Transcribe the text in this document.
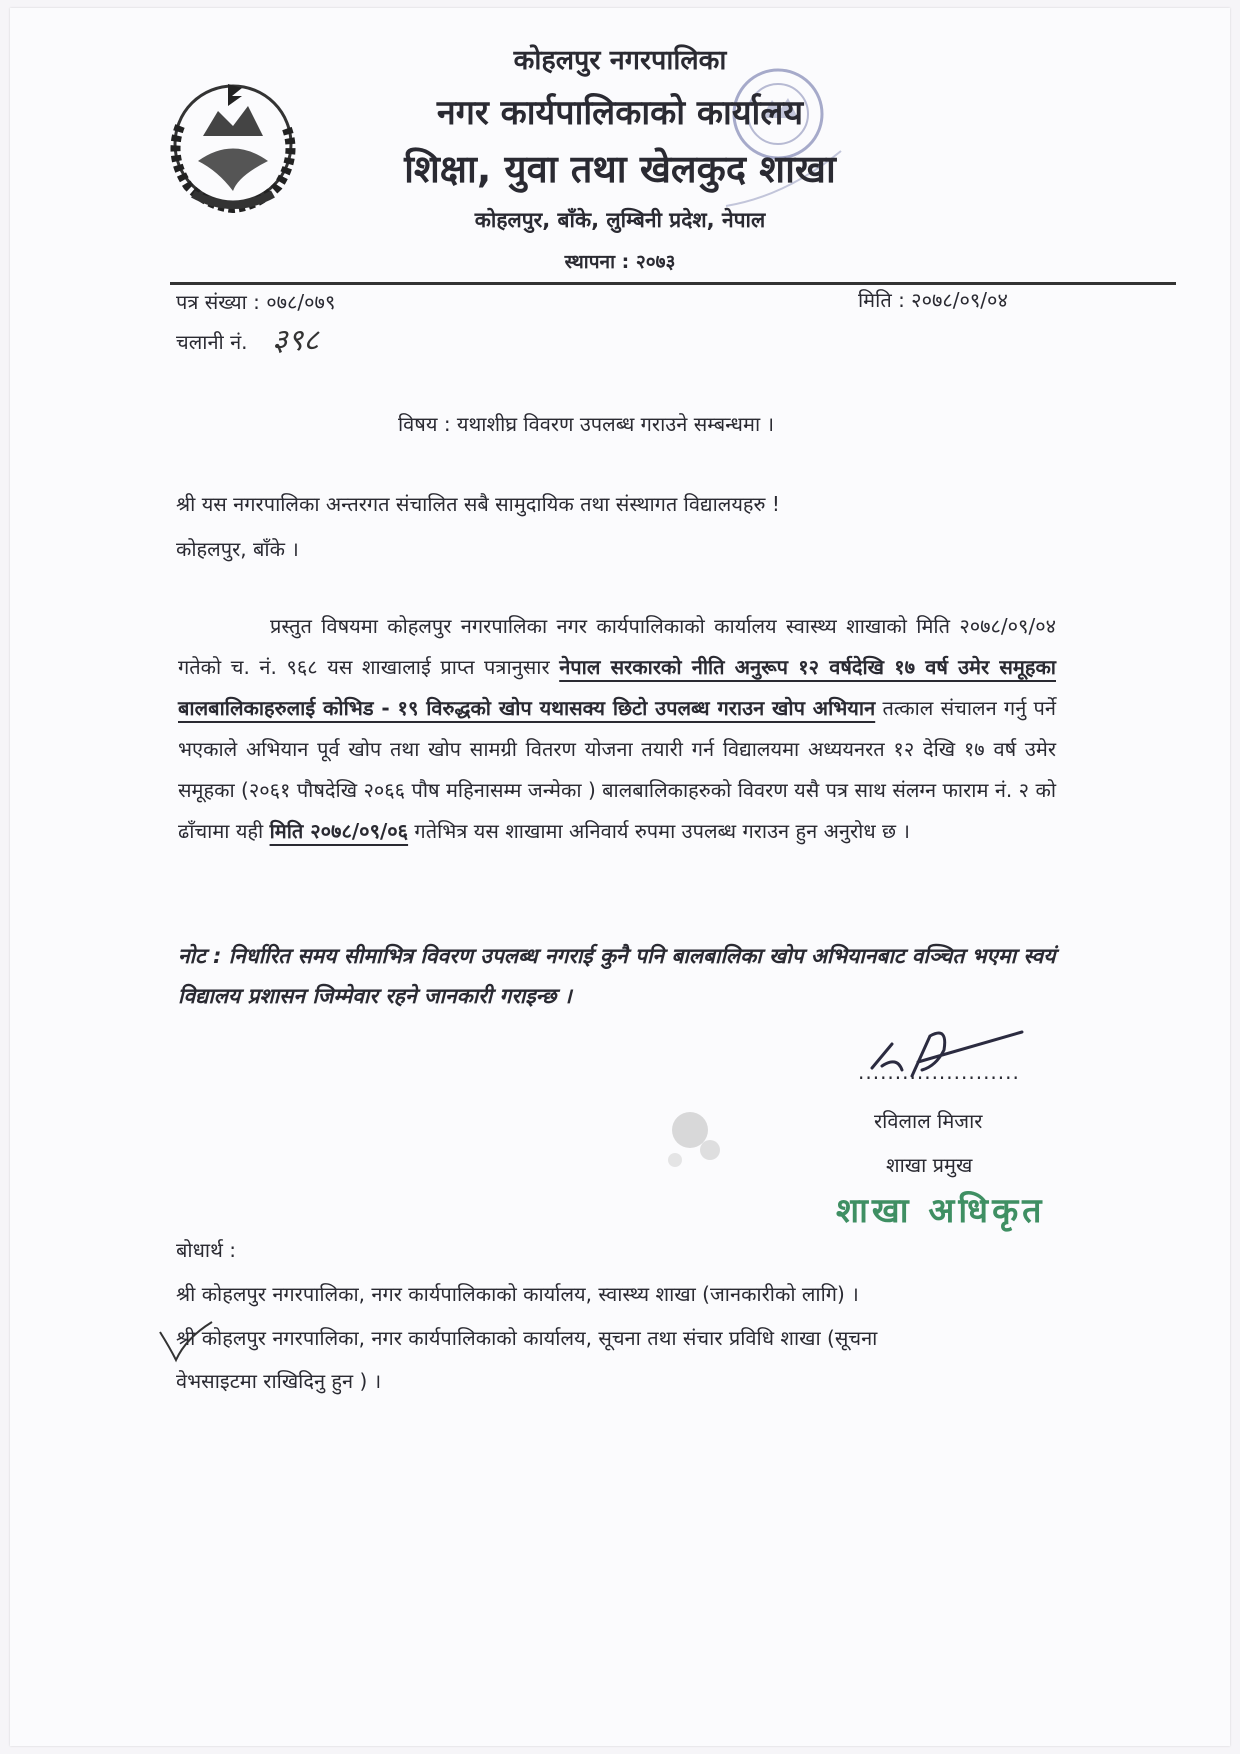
कोहलपुर नगरपालिका
नगर कार्यपालिकाको कार्यालय
शिक्षा, युवा तथा खेलकुद शाखा
कोहलपुर, बाँके, लुम्बिनी प्रदेश, नेपाल
स्थापना : २०७३
पत्र संख्या : ०७८/०७९	मिति : २०७८/०९/०४
चलानी नं. ३९८
विषय : यथाशीघ्र विवरण उपलब्ध गराउने सम्बन्धमा ।
श्री यस नगरपालिका अन्तरगत संचालित सबै सामुदायिक तथा संस्थागत विद्यालयहरु !
कोहलपुर, बाँके ।
प्रस्तुत विषयमा कोहलपुर नगरपालिका नगर कार्यपालिकाको कार्यालय स्वास्थ्य शाखाको मिति २०७८/०९/०४ गतेको च. नं. ९६८ यस शाखालाई प्राप्त पत्रानुसार नेपाल सरकारको नीति अनुरूप १२ वर्षदेखि १७ वर्ष उमेर समूहका बालबालिकाहरुलाई कोभिड - १९ विरुद्धको खोप यथासक्य छिटो उपलब्ध गराउन खोप अभियान तत्काल संचालन गर्नु पर्ने भएकाले अभियान पूर्व खोप तथा खोप सामग्री वितरण योजना तयारी गर्न विद्यालयमा अध्ययनरत १२ देखि १७ वर्ष उमेर समूहका (२०६१ पौषदेखि २०६६ पौष महिनासम्म जन्मेका ) बालबालिकाहरुको विवरण यसै पत्र साथ संलग्न फाराम नं. २ को ढाँचामा यही मिति २०७८/०९/०६ गतेभित्र यस शाखामा अनिवार्य रुपमा उपलब्ध गराउन हुन अनुरोध छ ।
नोट : निर्धारित समय सीमाभित्र विवरण उपलब्ध नगराई कुनै पनि बालबालिका खोप अभियानबाट वञ्चित भएमा स्वयं विद्यालय प्रशासन जिम्मेवार रहने जानकारी गराइन्छ ।
......................
रविलाल मिजार
शाखा प्रमुख
शाखा अधिकृत
बोधार्थ :
श्री कोहलपुर नगरपालिका, नगर कार्यपालिकाको कार्यालय, स्वास्थ्य शाखा (जानकारीको लागि) ।
श्री कोहलपुर नगरपालिका, नगर कार्यपालिकाको कार्यालय, सूचना तथा संचार प्रविधि शाखा (सूचना
वेभसाइटमा राखिदिनु हुन ) ।
